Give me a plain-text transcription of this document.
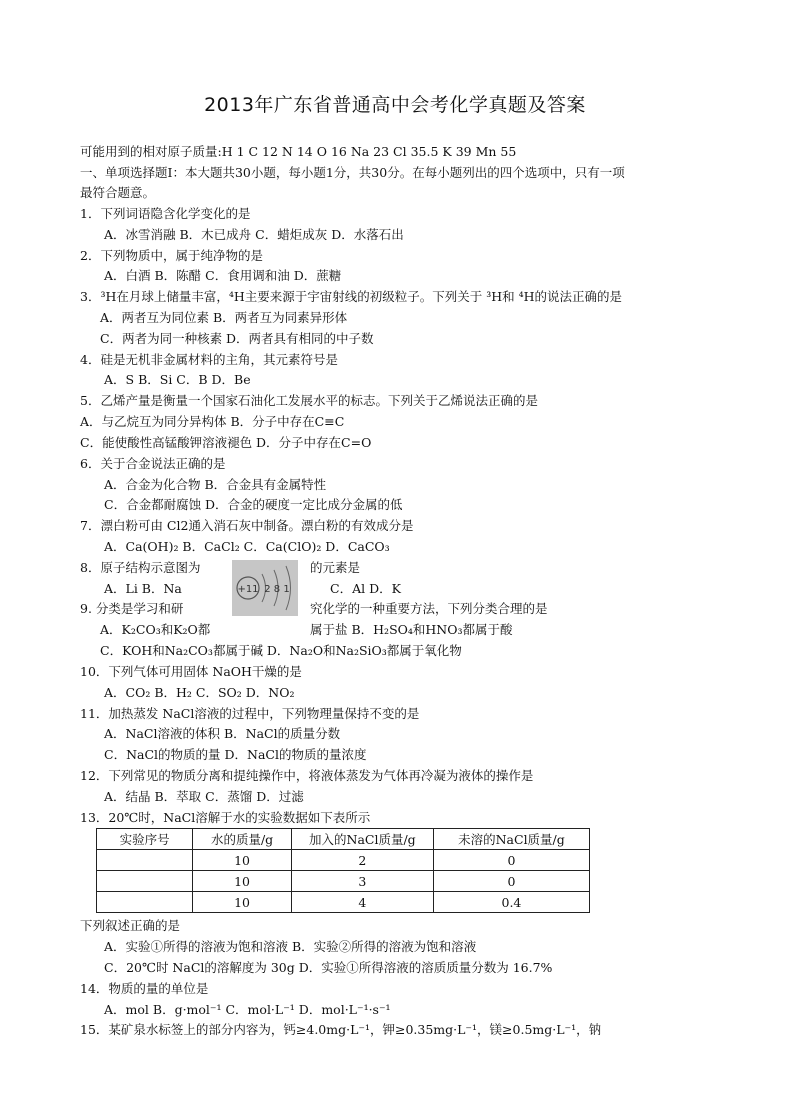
2013年广东省普通高中会考化学真题及答案
可能用到的相对原子质量:H 1 C 12 N 14 O 16 Na 23 Cl 35.5 K 39 Mn 55
一、单项选择题Ⅰ：本大题共30小题，每小题1分，共30分。在每小题列出的四个选项中，只有一项
最符合题意。
1．下列词语隐含化学变化的是
A．冰雪消融 B．木已成舟 C．蜡炬成灰 D．水落石出
2．下列物质中，属于纯净物的是
A．白酒 B．陈醋 C．食用调和油 D．蔗糖
3．³H在月球上储量丰富，⁴H主要来源于宇宙射线的初级粒子。下列关于 ³H和 ⁴H的说法正确的是
A．两者互为同位素 B．两者互为同素异形体
C．两者为同一种核素 D．两者具有相同的中子数
4．硅是无机非金属材料的主角，其元素符号是
A．S B．Si C．B D．Be
5．乙烯产量是衡量一个国家石油化工发展水平的标志。下列关于乙烯说法正确的是
A．与乙烷互为同分异构体 B．分子中存在C≡C
C．能使酸性高锰酸钾溶液褪色 D．分子中存在C=O
6．关于合金说法正确的是
A．合金为化合物 B．合金具有金属特性
C．合金都耐腐蚀 D．合金的硬度一定比成分金属的低
7．漂白粉可由 Cl2通入消石灰中制备。漂白粉的有效成分是
A．Ca(OH)₂ B．CaCl₂ C．Ca(ClO)₂ D．CaCO₃
8．原子结构示意图为
+11 2 8 1
的元素是
A．Li B．Na	C．Al D．K
9. 分类是学习和研	究化学的一种重要方法，下列分类合理的是
A．K₂CO₃和K₂O都	属于盐 B．H₂SO₄和HNO₃都属于酸
C．KOH和Na₂CO₃都属于碱 D．Na₂O和Na₂SiO₃都属于氧化物
10．下列气体可用固体 NaOH干燥的是
A．CO₂ B．H₂ C．SO₂ D．NO₂
11．加热蒸发 NaCl溶液的过程中，下列物理量保持不变的是
A．NaCl溶液的体积 B．NaCl的质量分数
C．NaCl的物质的量 D．NaCl的物质的量浓度
12．下列常见的物质分离和提纯操作中，将液体蒸发为气体再冷凝为液体的操作是
A．结晶 B．萃取 C．蒸馏 D．过滤
13．20℃时，NaCl溶解于水的实验数据如下表所示
实验序号	水的质量/g	加入的NaCl质量/g	未溶的NaCl质量/g
	10	2	0
	10	3	0
	10	4	0.4
下列叙述正确的是
A．实验①所得的溶液为饱和溶液 B．实验②所得的溶液为饱和溶液
C．20℃时 NaCl的溶解度为 30g D．实验①所得溶液的溶质质量分数为 16.7%
14．物质的量的单位是
A．mol B．g·mol⁻¹ C．mol·L⁻¹ D．mol·L⁻¹·s⁻¹
15．某矿泉水标签上的部分内容为，钙≥4.0mg·L⁻¹，钾≥0.35mg·L⁻¹，镁≥0.5mg·L⁻¹，钠
